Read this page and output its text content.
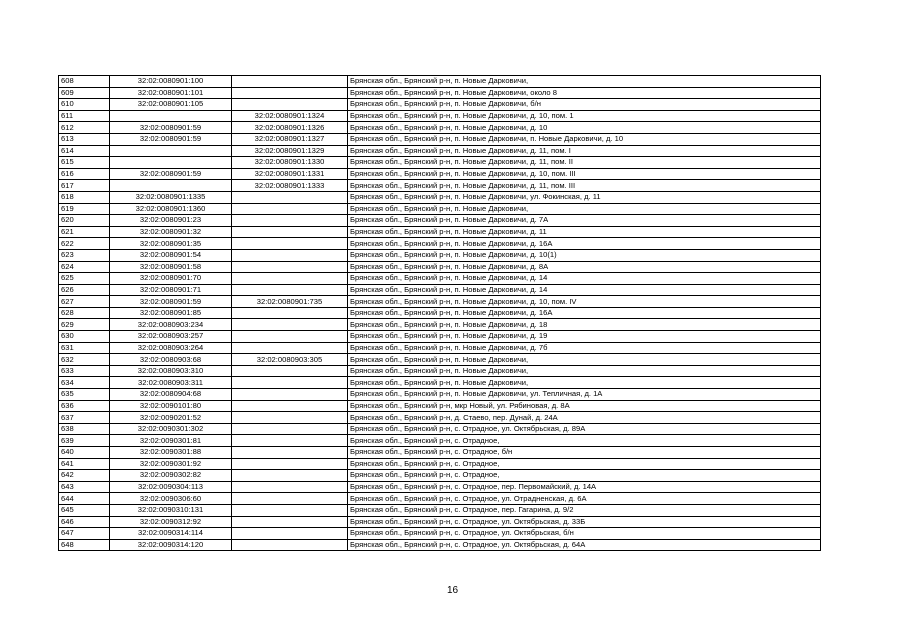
608	32:02:0080901:100		Брянская обл., Брянский р-н, п. Новые Дарковичи,
609	32:02:0080901:101		Брянская обл., Брянский р-н, п. Новые Дарковичи, около 8
610	32:02:0080901:105		Брянская обл., Брянский р-н, п. Новые Дарковичи, б/н
611		32:02:0080901:1324	Брянская обл., Брянский р-н, п. Новые Дарковичи, д. 10, пом. 1
612	32:02:0080901:59	32:02:0080901:1326	Брянская обл., Брянский р-н, п. Новые Дарковичи, д. 10
613	32:02:0080901:59	32:02:0080901:1327	Брянская обл., Брянский р-н, п. Новые Дарковичи, п. Новые Дарковичи, д. 10
614		32:02:0080901:1329	Брянская обл., Брянский р-н, п. Новые Дарковичи, д. 11, пом. I
615		32:02:0080901:1330	Брянская обл., Брянский р-н, п. Новые Дарковичи, д. 11, пом. II
616	32:02:0080901:59	32:02:0080901:1331	Брянская обл., Брянский р-н, п. Новые Дарковичи, д. 10, пом. III
617		32:02:0080901:1333	Брянская обл., Брянский р-н, п. Новые Дарковичи, д. 11, пом. III
618	32:02:0080901:1335		Брянская обл., Брянский р-н, п. Новые Дарковичи, ул. Фокинская, д. 11
619	32:02:0080901:1360		Брянская обл., Брянский р-н, п. Новые Дарковичи,
620	32:02:0080901:23		Брянская обл., Брянский р-н, п. Новые Дарковичи, д. 7А
621	32:02:0080901:32		Брянская обл., Брянский р-н, п. Новые Дарковичи, д. 11
622	32:02:0080901:35		Брянская обл., Брянский р-н, п. Новые Дарковичи, д. 16А
623	32:02:0080901:54		Брянская обл., Брянский р-н, п. Новые Дарковичи, д. 10(1)
624	32:02:0080901:58		Брянская обл., Брянский р-н, п. Новые Дарковичи, д. 8А
625	32:02:0080901:70		Брянская обл., Брянский р-н, п. Новые Дарковичи, д. 14
626	32:02:0080901:71		Брянская обл., Брянский р-н, п. Новые Дарковичи, д. 14
627	32:02:0080901:59	32:02:0080901:735	Брянская обл., Брянский р-н, п. Новые Дарковичи, д. 10, пом. IV
628	32:02:0080901:85		Брянская обл., Брянский р-н, п. Новые Дарковичи, д. 16А
629	32:02:0080903:234		Брянская обл., Брянский р-н, п. Новые Дарковичи, д. 18
630	32:02:0080903:257		Брянская обл., Брянский р-н, п. Новые Дарковичи, д. 19
631	32:02:0080903:264		Брянская обл., Брянский р-н, п. Новые Дарковичи, д. 7б
632	32:02:0080903:68	32:02:0080903:305	Брянская обл., Брянский р-н, п. Новые Дарковичи,
633	32:02:0080903:310		Брянская обл., Брянский р-н, п. Новые Дарковичи,
634	32:02:0080903:311		Брянская обл., Брянский р-н, п. Новые Дарковичи,
635	32:02:0080904:68		Брянская обл., Брянский р-н, п. Новые Дарковичи, ул. Тепличная, д. 1А
636	32:02:0090101:80		Брянская обл., Брянский р-н, мкр Новый, ул. Рябиновая, д. 8А
637	32:02:0090201:52		Брянская обл., Брянский р-н, д. Стаево, пер. Дунай, д. 24А
638	32:02:0090301:302		Брянская обл., Брянский р-н, с. Отрадное, ул. Октябрьская, д. 89А
639	32:02:0090301:81		Брянская обл., Брянский р-н, с. Отрадное,
640	32:02:0090301:88		Брянская обл., Брянский р-н, с. Отрадное, б/н
641	32:02:0090301:92		Брянская обл., Брянский р-н, с. Отрадное,
642	32:02:0090302:82		Брянская обл., Брянский р-н, с. Отрадное,
643	32:02:0090304:113		Брянская обл., Брянский р-н, с. Отрадное, пер. Первомайский, д. 14А
644	32:02:0090306:60		Брянская обл., Брянский р-н, с. Отрадное, ул. Отрадненская, д. 6А
645	32:02:0090310:131		Брянская обл., Брянский р-н, с. Отрадное, пер. Гагарина, д. 9/2
646	32:02:0090312:92		Брянская обл., Брянский р-н, с. Отрадное, ул. Октябрьская, д. 33Б
647	32:02:0090314:114		Брянская обл., Брянский р-н, с. Отрадное, ул. Октябрьская, б/н
648	32:02:0090314:120		Брянская обл., Брянский р-н, с. Отрадное, ул. Октябрьская, д. 64А
16
